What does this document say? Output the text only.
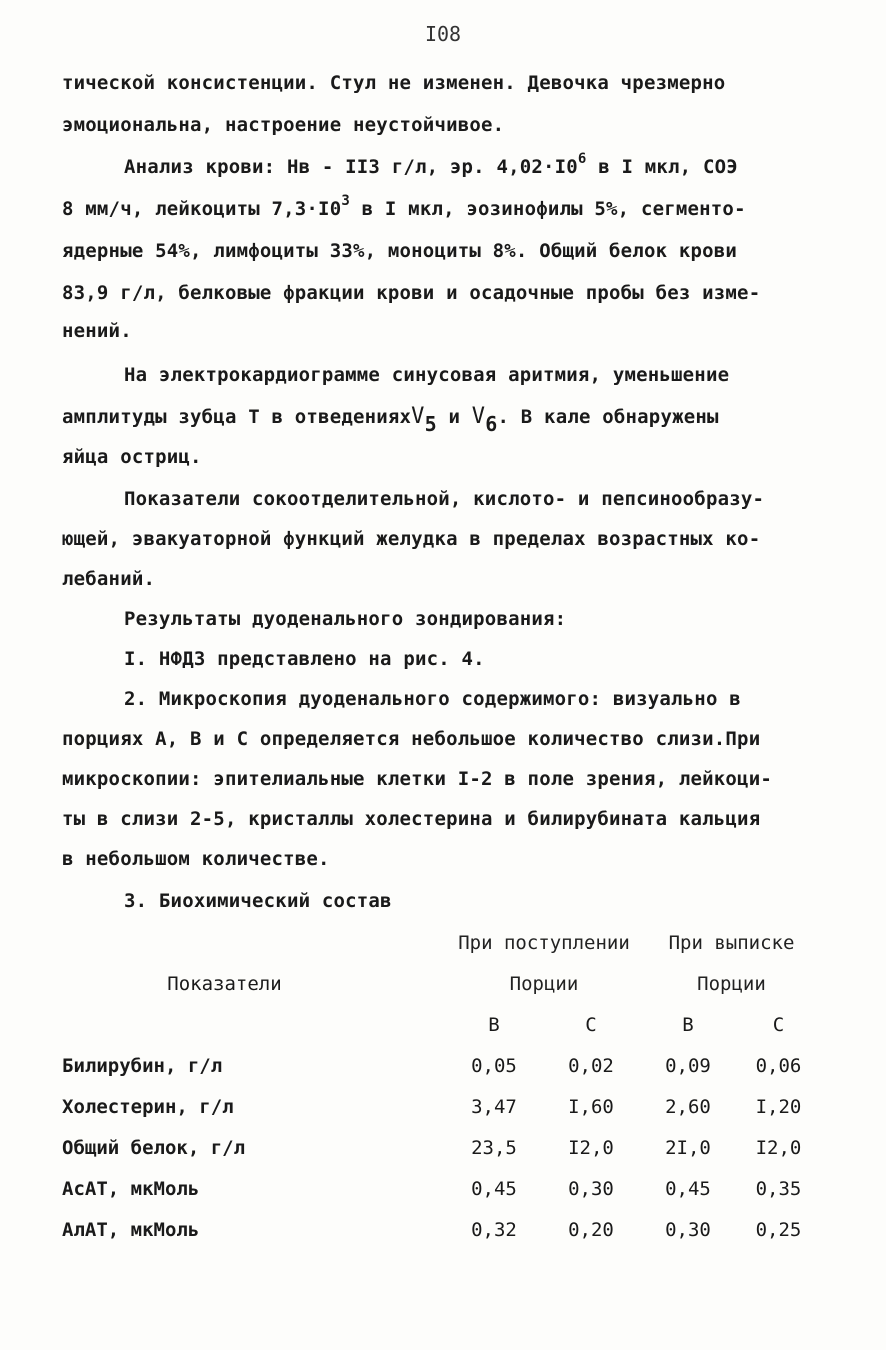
I08
тической консистенции. Стул не изменен. Девочка чрезмерно
эмоциональна, настроение неустойчивое.
Анализ крови: Нв - II3 г/л, эр. $4,02\cdot I0^6$ в I мкл, СОЭ
8 мм/ч, лейкоциты $7,3\cdot I0^3$ в I мкл, эозинофилы 5%, сегменто-
ядерные 54%, лимфоциты 33%, моноциты 8%. Общий белок крови
83,9 г/л, белковые фракции крови и осадочные пробы без изме-
нений.
На электрокардиограмме синусовая аритмия, уменьшение
амплитуды зубца Т в отведенияхV5 и V6. В кале обнаружены
яйца остриц.
Показатели сокоотделительной, кислото- и пепсинообразу-
ющей, эвакуаторной функций желудка в пределах возрастных ко-
лебаний.
Результаты дуоденального зондирования:
I. НФДЗ представлено на рис. 4.
2. Микроскопия дуоденального содержимого: визуально в
порциях А, В и С определяется небольшое количество слизи.При
микроскопии: эпителиальные клетки I-2 в поле зрения, лейкоци-
ты в слизи 2-5, кристаллы холестерина и билирубината кальция
в небольшом количестве.
3. Биохимический состав
	При поступлении		При выписке	
Показатели	Порции		Порции	
	В	С	В	С
Билирубин, г/л	0,05	0,02	0,09	0,06
Холестерин, г/л	3,47	I,60	2,60	I,20
Общий белок, г/л	23,5	I2,0	2I,0	I2,0
АсАТ, мкМоль	0,45	0,30	0,45	0,35
АлАТ, мкМоль	0,32	0,20	0,30	0,25
